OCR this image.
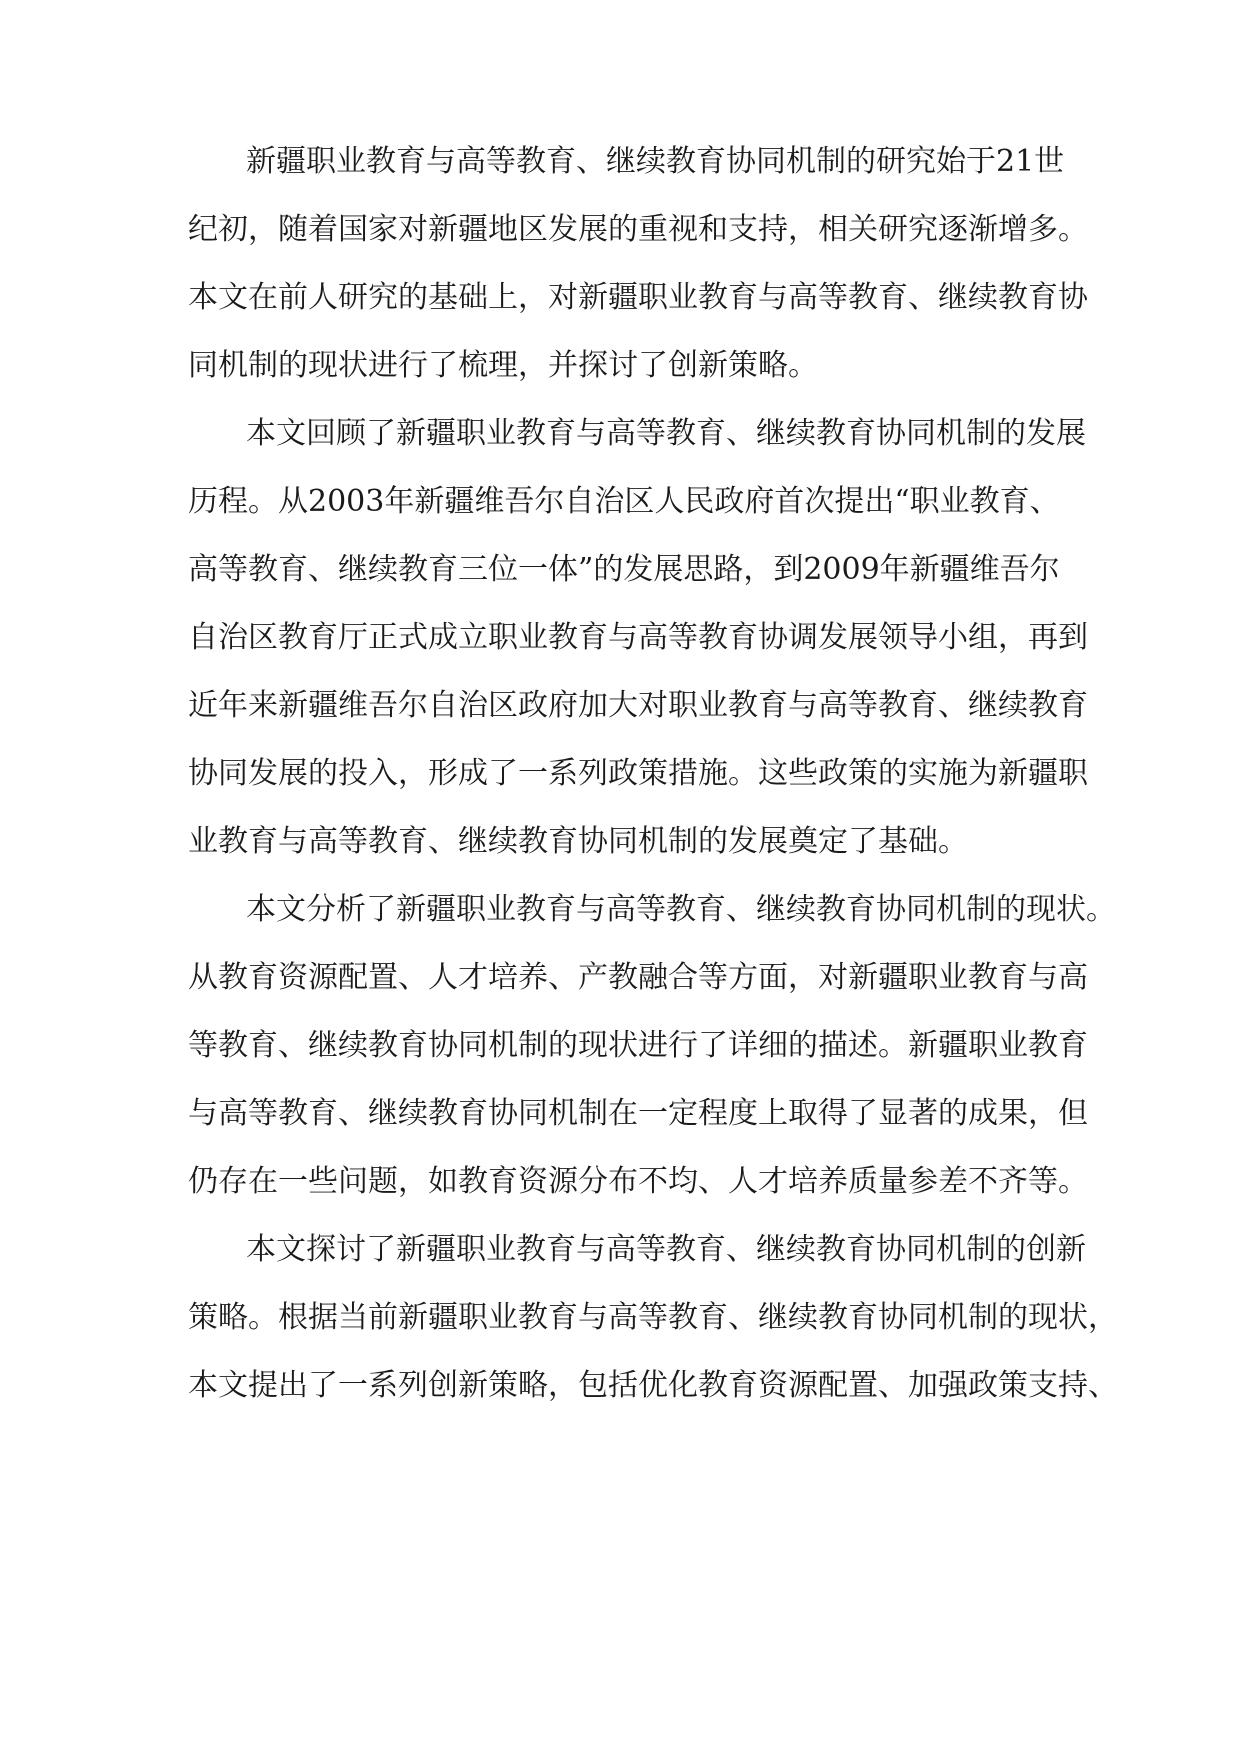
新疆职业教育与高等教育、继续教育协同机制的研究始于21世
纪初，随着国家对新疆地区发展的重视和支持，相关研究逐渐增多。
本文在前人研究的基础上，对新疆职业教育与高等教育、继续教育协
同机制的现状进行了梳理，并探讨了创新策略。
本文回顾了新疆职业教育与高等教育、继续教育协同机制的发展
历程。从2003年新疆维吾尔自治区人民政府首次提出“职业教育、
高等教育、继续教育三位一体”的发展思路，到2009年新疆维吾尔
自治区教育厅正式成立职业教育与高等教育协调发展领导小组，再到
近年来新疆维吾尔自治区政府加大对职业教育与高等教育、继续教育
协同发展的投入，形成了一系列政策措施。这些政策的实施为新疆职
业教育与高等教育、继续教育协同机制的发展奠定了基础。
本文分析了新疆职业教育与高等教育、继续教育协同机制的现状。
从教育资源配置、人才培养、产教融合等方面，对新疆职业教育与高
等教育、继续教育协同机制的现状进行了详细的描述。新疆职业教育
与高等教育、继续教育协同机制在一定程度上取得了显著的成果，但
仍存在一些问题，如教育资源分布不均、人才培养质量参差不齐等。
本文探讨了新疆职业教育与高等教育、继续教育协同机制的创新
策略。根据当前新疆职业教育与高等教育、继续教育协同机制的现状，
本文提出了一系列创新策略，包括优化教育资源配置、加强政策支持、
